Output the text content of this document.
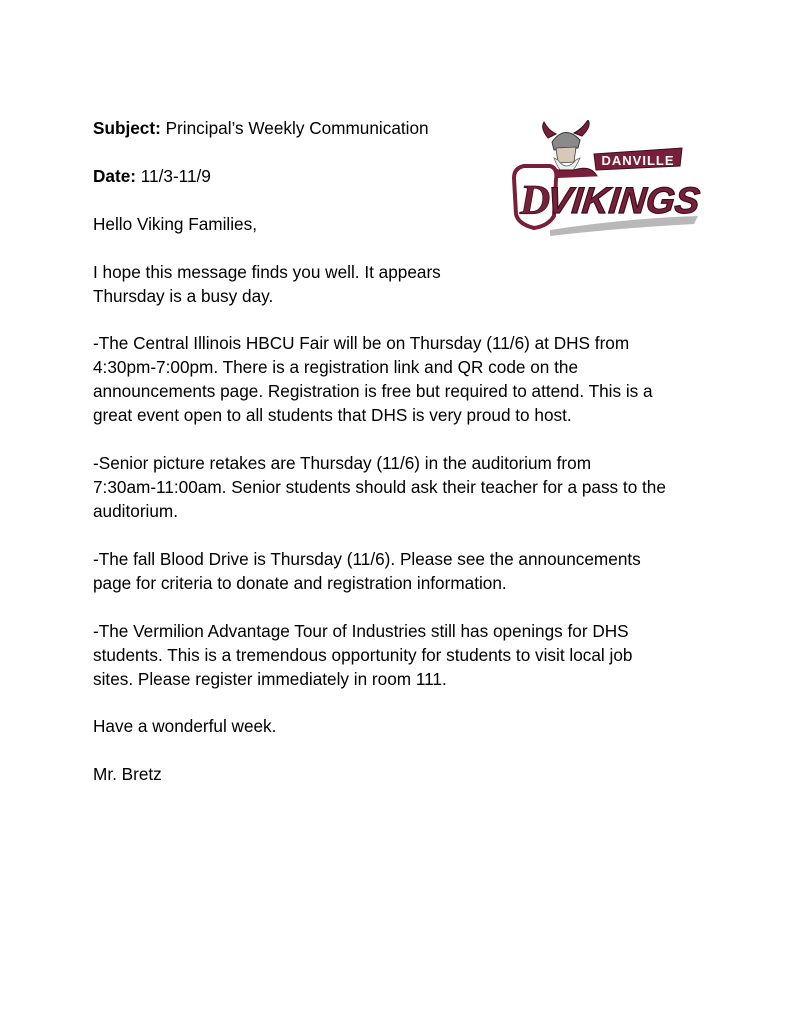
Subject: Principal’s Weekly Communication
Date: 11/3-11/9
Hello Viking Families,
I hope this message finds you well. It appears
Thursday is a busy day.
-The Central Illinois HBCU Fair will be on Thursday (11/6) at DHS from
4:30pm-7:00pm. There is a registration link and QR code on the
announcements page. Registration is free but required to attend. This is a
great event open to all students that DHS is very proud to host.
-Senior picture retakes are Thursday (11/6) in the auditorium from
7:30am-11:00am. Senior students should ask their teacher for a pass to the
auditorium.
-The fall Blood Drive is Thursday (11/6). Please see the announcements
page for criteria to donate and registration information.
-The Vermilion Advantage Tour of Industries still has openings for DHS
students. This is a tremendous opportunity for students to visit local job
sites. Please register immediately in room 111.
Have a wonderful week.
Mr. Bretz
D
DANVILLE
VIKINGS
